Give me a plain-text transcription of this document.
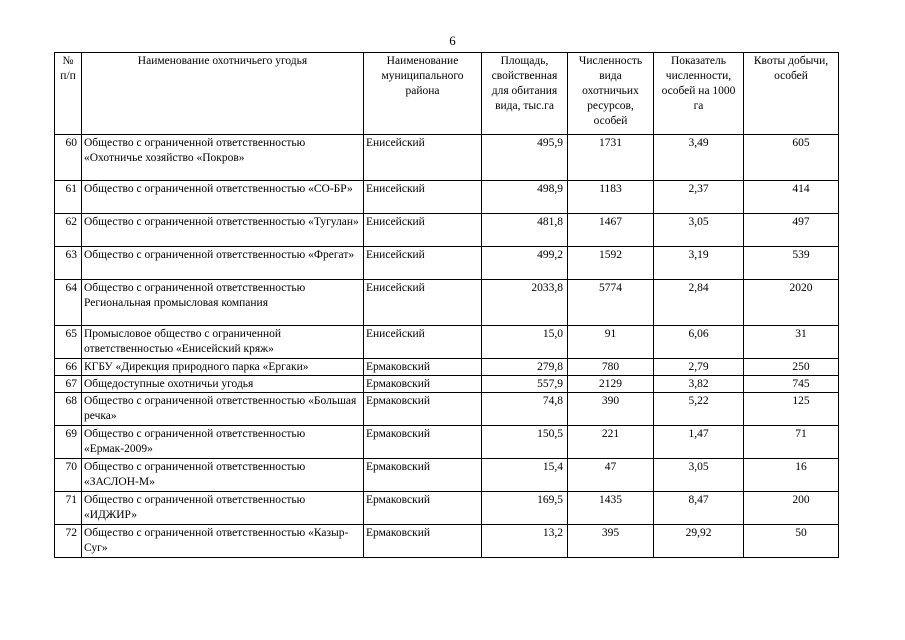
6
№ п/п	Наименование охотничьего угодья	Наименование муниципального района	Площадь, свойственная для обитания вида, тыс.га	Численность вида охотничьих ресурсов, особей	Показатель численности, особей на 1000 га	Квоты добычи, особей
60	Общество с ограниченной ответственностью «Охотничье хозяйство «Покров»	Енисейский	495,9	1731	3,49	605
61	Общество с ограниченной ответственностью «СО-БР»	Енисейский	498,9	1183	2,37	414
62	Общество с ограниченной ответственностью «Тугулан»	Енисейский	481,8	1467	3,05	497
63	Общество с ограниченной ответственностью «Фрегат»	Енисейский	499,2	1592	3,19	539
64	Общество с ограниченной ответственностью Региональная промысловая компания	Енисейский	2033,8	5774	2,84	2020
65	Промысловое общество с ограниченной ответственностью «Енисейский кряж»	Енисейский	15,0	91	6,06	31
66	КГБУ «Дирекция природного парка «Ергаки»	Ермаковский	279,8	780	2,79	250
67	Общедоступные охотничьи угодья	Ермаковский	557,9	2129	3,82	745
68	Общество с ограниченной ответственностью «Большая речка»	Ермаковский	74,8	390	5,22	125
69	Общество с ограниченной ответственностью «Ермак-2009»	Ермаковский	150,5	221	1,47	71
70	Общество с ограниченной ответственностью «ЗАСЛОН-М»	Ермаковский	15,4	47	3,05	16
71	Общество с ограниченной ответственностью «ИДЖИР»	Ермаковский	169,5	1435	8,47	200
72	Общество с ограниченной ответственностью «Казыр-Суг»	Ермаковский	13,2	395	29,92	50
